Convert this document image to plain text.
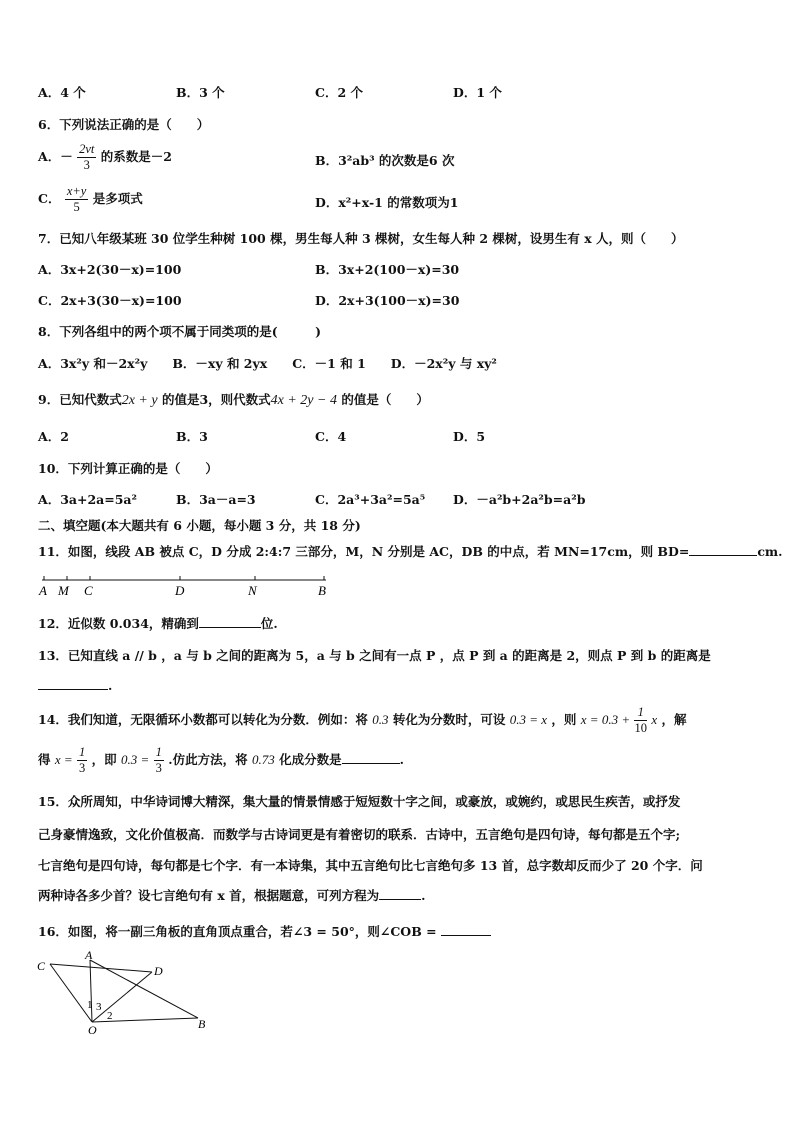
A．4 个	B．3 个	C．2 个	D．1 个
6．下列说法正确的是（　　）
A．－ $\frac{2vt}{3}$ 的系数是－2	B．3²ab³ 的次数是6 次
C． $\frac{x+y}{5}$ 是多项式	D．x²+x-1 的常数项为1
7．已知八年级某班 30 位学生种树 100 棵，男生每人种 3 棵树，女生每人种 2 棵树，设男生有 x 人，则（　　）
A．3x+2(30－x)=100	B．3x+2(100－x)=30
C．2x+3(30－x)=100	D．2x+3(100－x)=30
8．下列各组中的两个项不属于同类项的是(　　　)
A．3x²y 和－2x²y　　B．－xy 和 2yx　　C．－1 和 1　　D．－2x²y 与 xy²
9．已知代数式2x + y 的值是3，则代数式4x + 2y − 4 的值是（　　）
A．2	B．3	C．4	D．5
10．下列计算正确的是（　　）
A．3a+2a=5a²	B．3a－a=3	C．2a³+3a²=5a⁵ D．－a²b+2a²b=a²b
二、填空题(本大题共有 6 小题，每小题 3 分，共 18 分)
11．如图，线段 AB 被点 C，D 分成 2:4:7 三部分，M，N 分别是 AC，DB 的中点，若 MN=17cm，则 BD=	cm.
A M C	D	N	B
12．近似数 0.034，精确到	位.
13．已知直线 a // b ，a 与 b 之间的距离为 5，a 与 b 之间有一点 P ，点 P 到 a 的距离是 2，则点 P 到 b 的距离是
.
14．我们知道，无限循环小数都可以转化为分数．例如：将 0.3 转化为分数时，可设 0.3 = x ，则 $x = 0.3 + \frac{1}{10}$ x ，解
得 $x = \frac{1}{3}$ ，即 $0.3 = \frac{1}{3}$ .仿此方法，将 0.73 化成分数是	.
15．众所周知，中华诗词博大精深，集大量的情景情感于短短数十字之间，或豪放，或婉约，或思民生疾苦，或抒发
己身豪情逸致，文化价值极高．而数学与古诗词更是有着密切的联系．古诗中，五言绝句是四句诗，每句都是五个字;
七言绝句是四句诗，每句都是七个字．有一本诗集，其中五言绝句比七言绝句多 13 首，总字数却反而少了 20 个字．问
两种诗各多少首？设七言绝句有 x 首，根据题意，可列方程为	.
16．如图，将一副三角板的直角顶点重合，若∠3 = 50°，则∠COB =
C
A
D
1 3
2
O	B
